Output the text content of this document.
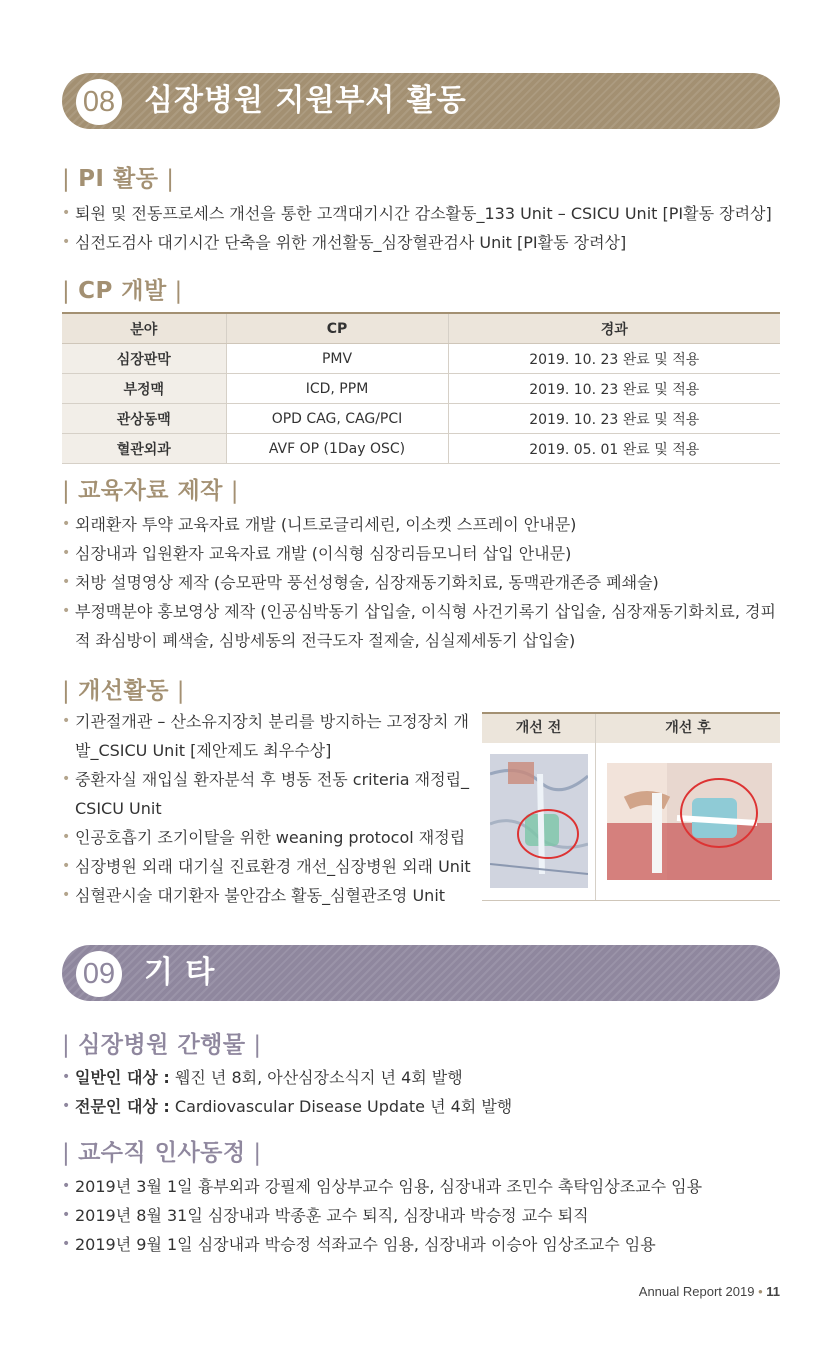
08 심장병원 지원부서 활동
| PI 활동 |
• 퇴원 및 전동프로세스 개선을 통한 고객대기시간 감소활동_133 Unit – CSICU Unit [PI활동 장려상]
• 심전도검사 대기시간 단축을 위한 개선활동_심장혈관검사 Unit [PI활동 장려상]
| CP 개발 |
분야	CP	경과
심장판막	PMV	2019. 10. 23 완료 및 적용
부정맥	ICD, PPM	2019. 10. 23 완료 및 적용
관상동맥	OPD CAG, CAG/PCI	2019. 10. 23 완료 및 적용
혈관외과	AVF OP (1Day OSC)	2019. 05. 01 완료 및 적용
| 교육자료 제작 |
• 외래환자 투약 교육자료 개발 (니트로글리세린, 이소켓 스프레이 안내문)
• 심장내과 입원환자 교육자료 개발 (이식형 심장리듬모니터 삽입 안내문)
• 처방 설명영상 제작 (승모판막 풍선성형술, 심장재동기화치료, 동맥관개존증 폐쇄술)
• 부정맥분야 홍보영상 제작 (인공심박동기 삽입술, 이식형 사건기록기 삽입술, 심장재동기화치료, 경피적 좌심방이 폐색술, 심방세동의 전극도자 절제술, 심실제세동기 삽입술)
| 개선활동 |
• 기관절개관 – 산소유지장치 분리를 방지하는 고정장치 개발_CSICU Unit [제안제도 최우수상]
• 중환자실 재입실 환자분석 후 병동 전동 criteria 재정립_ CSICU Unit
• 인공호흡기 조기이탈을 위한 weaning protocol 재정립
• 심장병원 외래 대기실 진료환경 개선_심장병원 외래 Unit
• 심혈관시술 대기환자 불안감소 활동_심혈관조영 Unit
개선 전	개선 후
09 기 타
| 심장병원 간행물 |
• 일반인 대상 : 웹진 년 8회, 아산심장소식지 년 4회 발행
• 전문인 대상 : Cardiovascular Disease Update 년 4회 발행
| 교수직 인사동정 |
• 2019년 3월 1일 흉부외과 강필제 임상부교수 임용, 심장내과 조민수 촉탁임상조교수 임용
• 2019년 8월 31일 심장내과 박종훈 교수 퇴직, 심장내과 박승정 교수 퇴직
• 2019년 9월 1일 심장내과 박승정 석좌교수 임용, 심장내과 이승아 임상조교수 임용
Annual Report 2019 • 11
